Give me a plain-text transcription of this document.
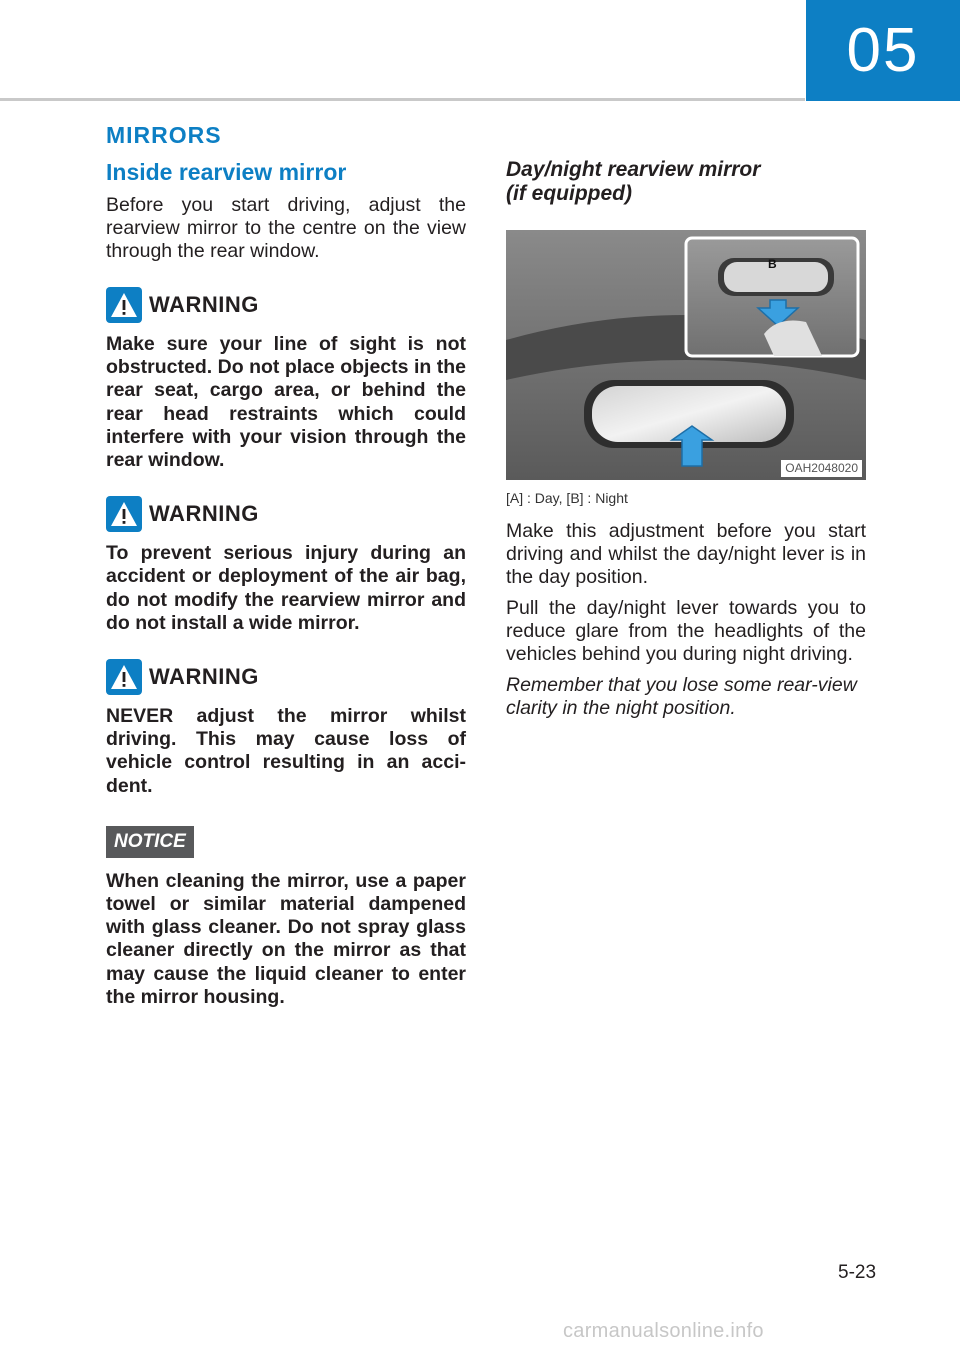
05
MIRRORS
Inside rearview mirror

Before you start driving, adjust the rearview mirror to the centre on the view through the rear window.

WARNING

Make sure your line of sight is not obstructed. Do not place objects in the rear seat, cargo area, or behind the rear head restraints which could interfere with your vision through the rear window.

WARNING

To prevent serious injury during an accident or deployment of the air bag, do not modify the rearview mirror and do not install a wide mirror.

WARNING

NEVER adjust the mirror whilst driving. This may cause loss of vehicle control resulting in an acci-dent.

NOTICE

When cleaning the mirror, use a paper towel or similar material dampened with glass cleaner. Do not spray glass cleaner directly on the mirror as that may cause the liquid cleaner to enter the mirror housing.

Day/night rearview mirror
(if equipped)
B
OAH2048020
[A] : Day, [B] : Night

Make this adjustment before you start driving and whilst the day/night lever is in the day position.

Pull the day/night lever towards you to reduce glare from the headlights of the vehicles behind you during night driving.

Remember that you lose some rear-view clarity in the night position.

5-23
carmanualsonline.info
